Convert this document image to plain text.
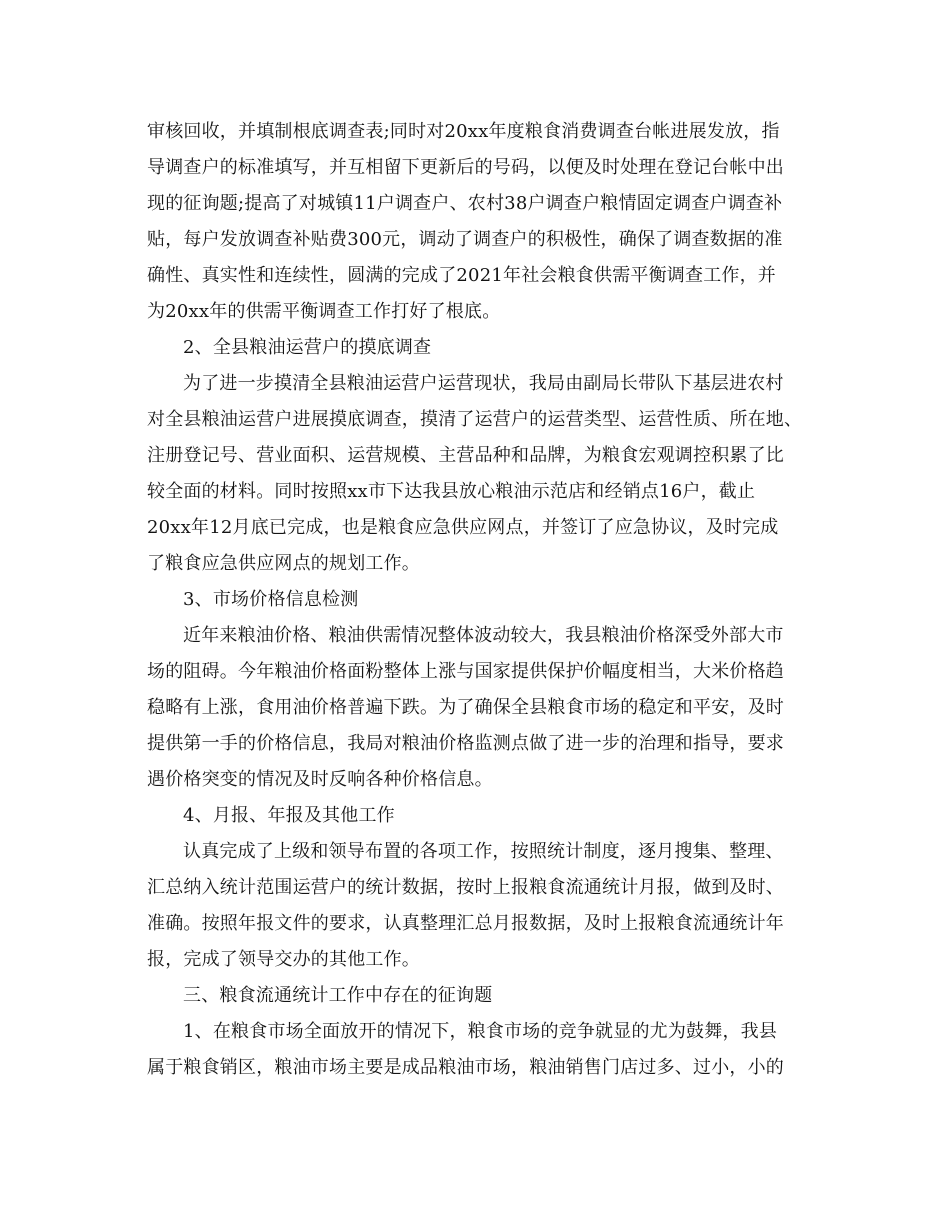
审核回收，并填制根底调查表;同时对20xx年度粮食消费调查台帐进展发放，指
导调查户的标准填写，并互相留下更新后的号码，以便及时处理在登记台帐中出
现的征询题;提高了对城镇11户调查户、农村38户调查户粮情固定调查户调查补
贴，每户发放调查补贴费300元，调动了调查户的积极性，确保了调查数据的准
确性、真实性和连续性，圆满的完成了2021年社会粮食供需平衡调查工作，并
为20xx年的供需平衡调查工作打好了根底。
2、全县粮油运营户的摸底调查
为了进一步摸清全县粮油运营户运营现状，我局由副局长带队下基层进农村
对全县粮油运营户进展摸底调查，摸清了运营户的运营类型、运营性质、所在地、
注册登记号、营业面积、运营规模、主营品种和品牌，为粮食宏观调控积累了比
较全面的材料。同时按照xx市下达我县放心粮油示范店和经销点16户，截止
20xx年12月底已完成，也是粮食应急供应网点，并签订了应急协议，及时完成
了粮食应急供应网点的规划工作。
3、市场价格信息检测
近年来粮油价格、粮油供需情况整体波动较大，我县粮油价格深受外部大市
场的阻碍。今年粮油价格面粉整体上涨与国家提供保护价幅度相当，大米价格趋
稳略有上涨，食用油价格普遍下跌。为了确保全县粮食市场的稳定和平安，及时
提供第一手的价格信息，我局对粮油价格监测点做了进一步的治理和指导，要求
遇价格突变的情况及时反响各种价格信息。
4、月报、年报及其他工作
认真完成了上级和领导布置的各项工作，按照统计制度，逐月搜集、整理、
汇总纳入统计范围运营户的统计数据，按时上报粮食流通统计月报，做到及时、
准确。按照年报文件的要求，认真整理汇总月报数据，及时上报粮食流通统计年
报，完成了领导交办的其他工作。
三、粮食流通统计工作中存在的征询题
1、在粮食市场全面放开的情况下，粮食市场的竞争就显的尤为鼓舞，我县
属于粮食销区，粮油市场主要是成品粮油市场，粮油销售门店过多、过小，小的
